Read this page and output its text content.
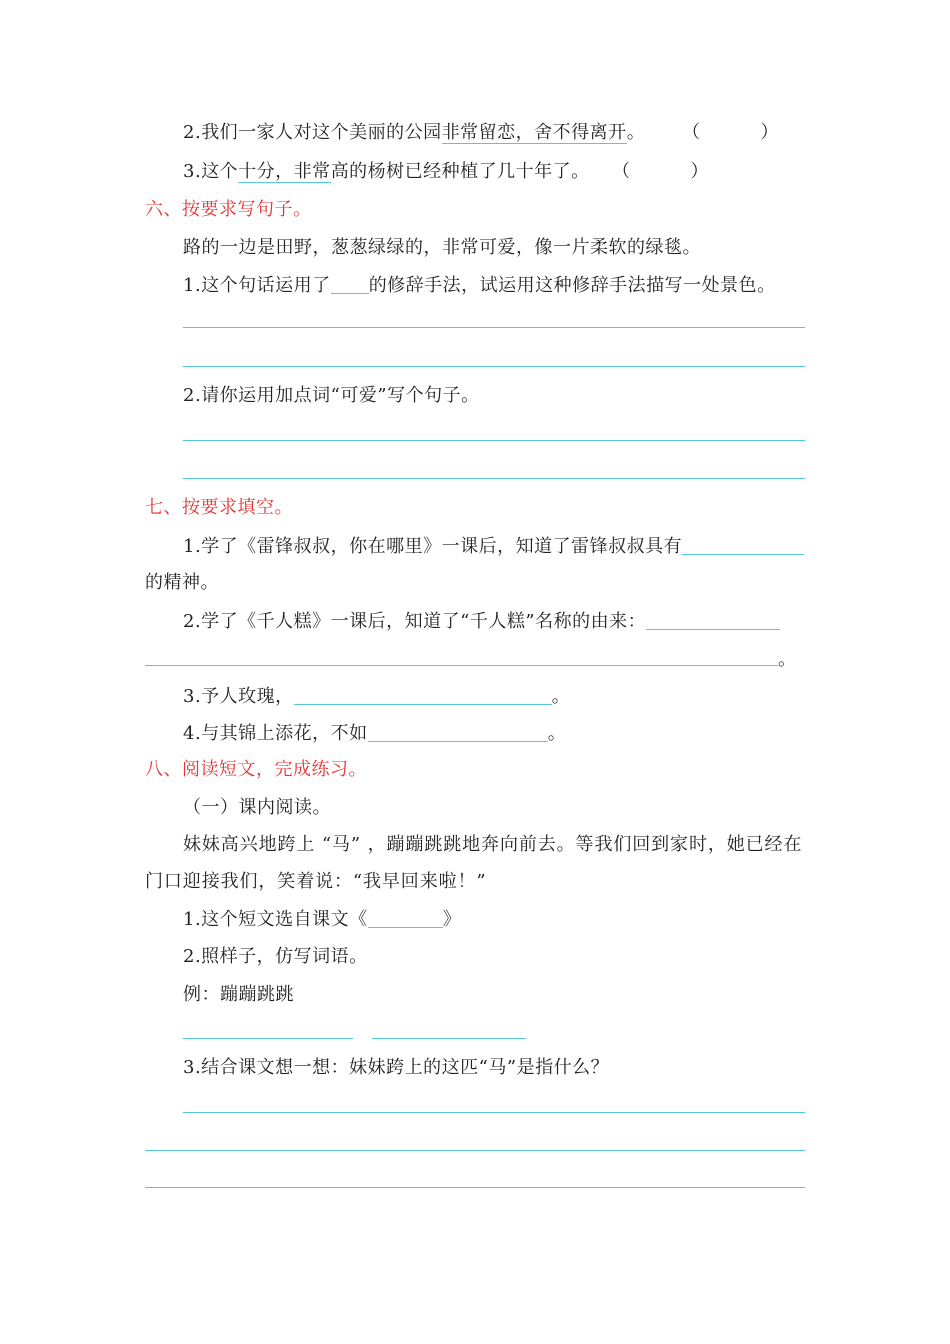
2.我们一家人对这个美丽的公园非常留恋，舍不得离开。 （	）
3.这个十分，非常高的杨树已经种植了几十年了。 （	）
六、按要求写句子。
路的一边是田野，葱葱绿绿的，非常可爱，像一片柔软的绿毯。
1.这个句话运用了 的修辞手法，试运用这种修辞手法描写一处景色。
2.请你运用加点词“可爱”写个句子。
七、按要求填空。
1.学了《雷锋叔叔，你在哪里》一课后，知道了雷锋叔叔具有
的精神。
2.学了《千人糕》一课后，知道了“千人糕”名称的由来：
。
3.予人玫瑰，	。
4.与其锦上添花，不如	。
八、阅读短文，完成练习。
（一）课内阅读。
妹妹高兴地跨上 “马” ，蹦蹦跳跳地奔向前去。等我们回到家时，她已经在
门口迎接我们，笑着说：“我早回来啦！”
1.这个短文选自课文《	》
2.照样子，仿写词语。
例：蹦蹦跳跳
3.结合课文想一想：妹妹跨上的这匹“马”是指什么？
